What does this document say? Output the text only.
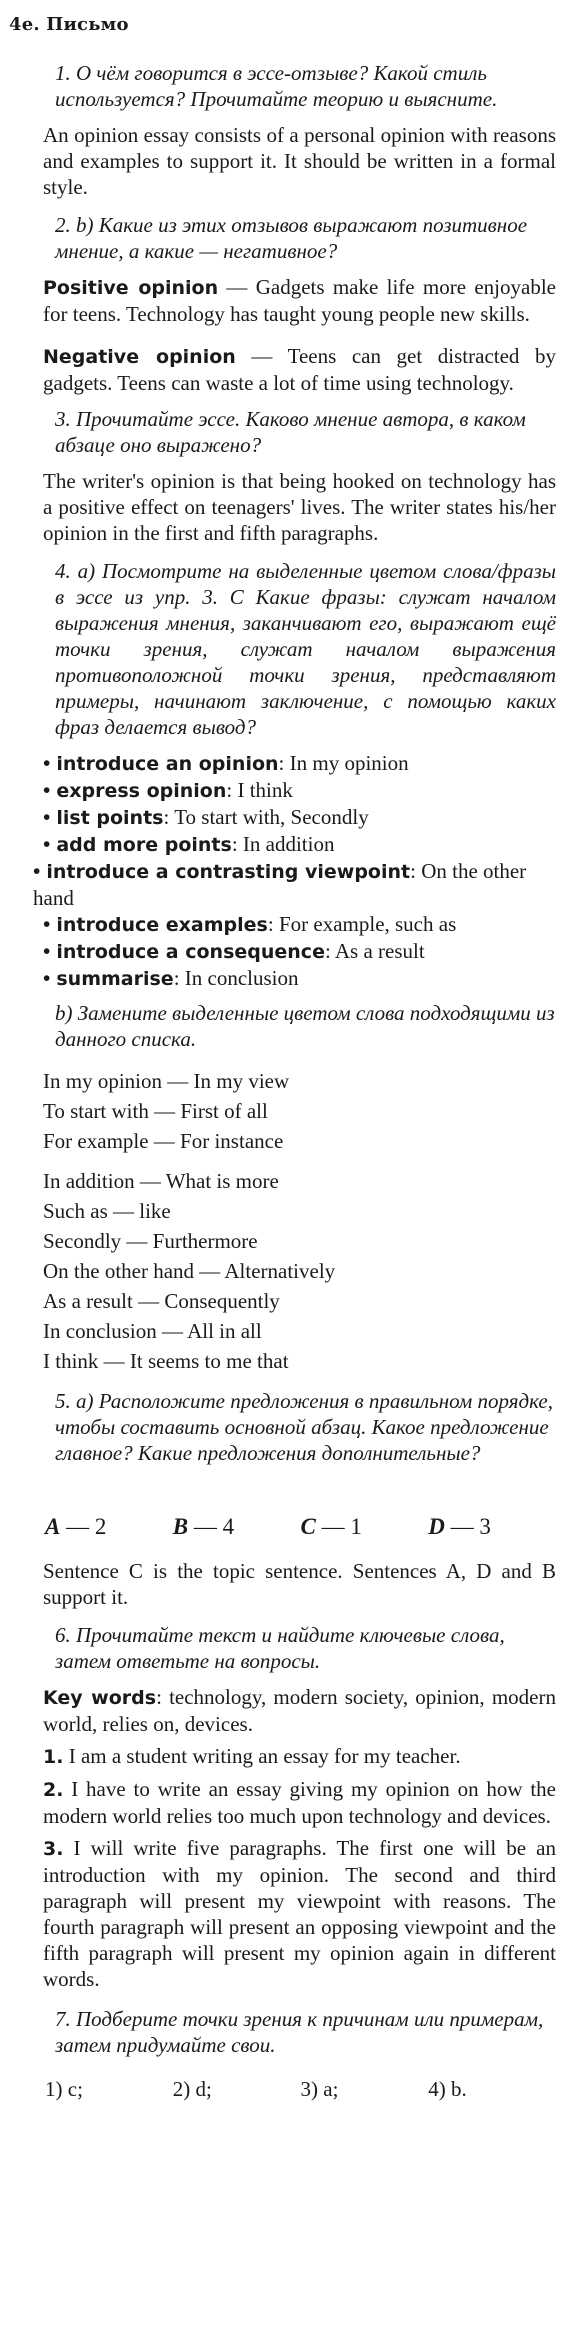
4e. Письмо

1. О чём говорится в эссе-отзыве? Какой стиль используется? Прочитайте теорию и выясните.

An opinion essay consists of a personal opinion with reasons and examples to support it. It should be written in a formal style.

2. b) Какие из этих отзывов выражают позитивное мнение, а какие — негативное?

Positive opinion — Gadgets make life more enjoyable for teens. Technology has taught young people new skills.

Negative opinion — Teens can get distracted by gadgets. Teens can waste a lot of time using technology.

3. Прочитайте эссе. Каково мнение автора, в каком абзаце оно выражено?

The writer's opinion is that being hooked on technology has a positive effect on teenagers' lives. The writer states his/her opinion in the first and fifth paragraphs.

4. a) Посмотрите на выделенные цветом слова/фразы в эссе из упр. 3. С Какие фразы: служат началом выражения мнения, заканчивают его, выражают ещё точки зрения, служат началом выражения противоположной точки зрения, представляют примеры, начинают заключение, с помощью каких фраз делается вывод?

• introduce an opinion: In my opinion
• express opinion: I think
• list points: To start with, Secondly
• add more points: In addition
• introduce a contrasting viewpoint: On the other hand
• introduce examples: For example, such as
• introduce a consequence: As a result
• summarise: In conclusion

b) Замените выделенные цветом слова подходящими из данного списка.

In my opinion — In my view
To start with — First of all
For example — For instance
In addition — What is more
Such as — like
Secondly — Furthermore
On the other hand — Alternatively
As a result — Consequently
In conclusion — All in all
I think — It seems to me that

5. a) Расположите предложения в правильном порядке, чтобы составить основной абзац. Какое предложение главное? Какие предложения дополнительные?

A — 2	B — 4	C — 1	D — 3

Sentence C is the topic sentence. Sentences A, D and B support it.

6. Прочитайте текст и найдите ключевые слова, затем ответьте на вопросы.

Key words: technology, modern society, opinion, modern world, relies on, devices.

1. I am a student writing an essay for my teacher.

2. I have to write an essay giving my opinion on how the modern world relies too much upon technology and devices.

3. I will write five paragraphs. The first one will be an introduction with my opinion. The second and third paragraph will present my viewpoint with reasons. The fourth paragraph will present an opposing viewpoint and the fifth paragraph will present my opinion again in different words.

7. Подберите точки зрения к причинам или примерам, затем придумайте свои.

1) c;	2) d;	3) a;	4) b.
